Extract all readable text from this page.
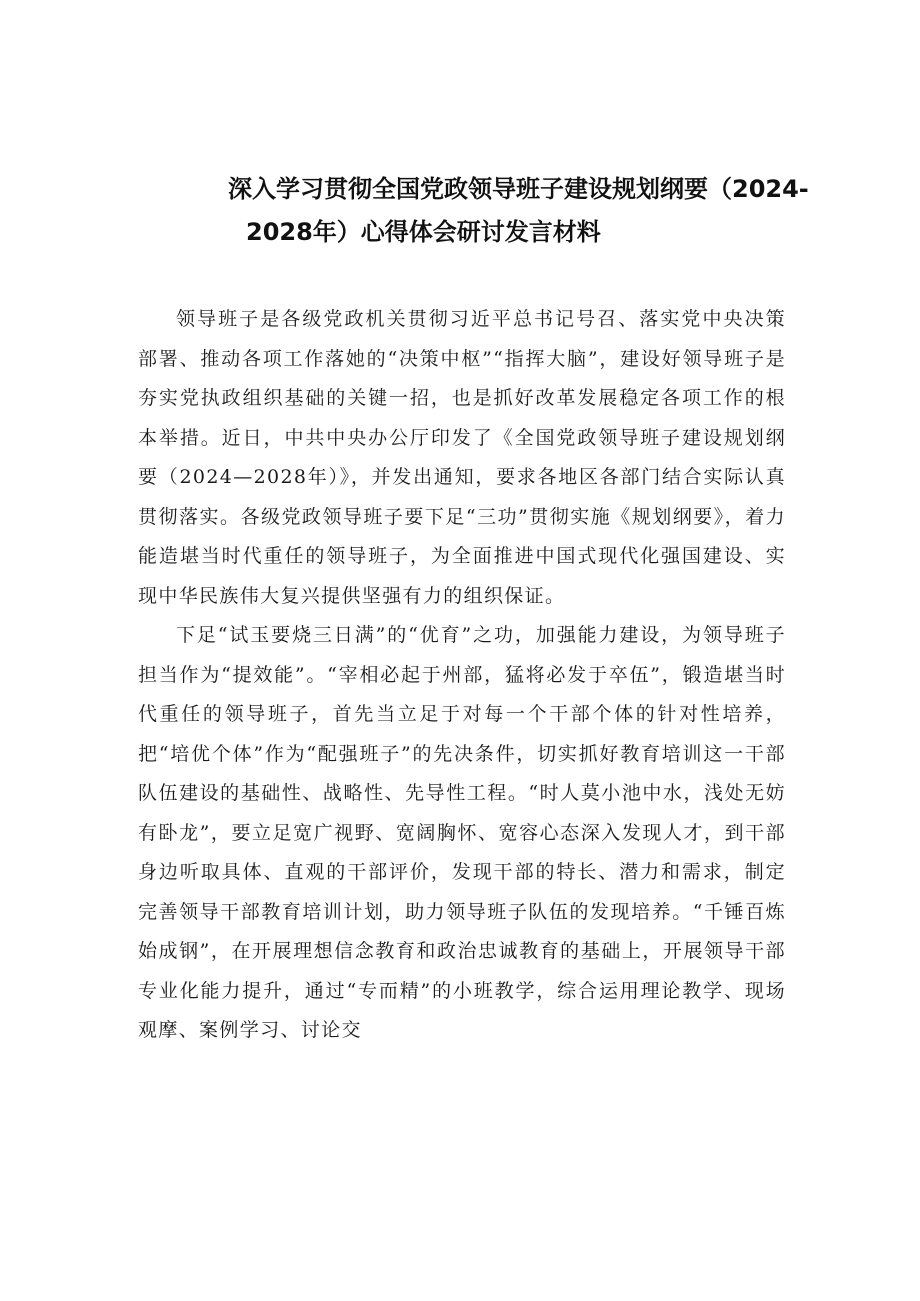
深入学习贯彻全国党政领导班子建设规划纲要（2024-
2028年）心得体会研讨发言材料

领导班子是各级党政机关贯彻习近平总书记号召、落实党中央决策部署、推动各项工作落她的“决策中枢”“指挥大脑”，建设好领导班子是夯实党执政组织基础的关键一招，也是抓好改革发展稳定各项工作的根本举措。近日，中共中央办公厅印发了《全国党政领导班子建设规划纲要（2024—2028年）》，并发出通知，要求各地区各部门结合实际认真贯彻落实。各级党政领导班子要下足“三功”贯彻实施《规划纲要》，着力能造堪当时代重任的领导班子，为全面推进中国式现代化强国建设、实现中华民族伟大复兴提供坚强有力的组织保证。

下足“试玉要烧三日满”的“优育”之功，加强能力建设，为领导班子担当作为“提效能”。“宰相必起于州部，猛将必发于卒伍”，锻造堪当时代重任的领导班子，首先当立足于对每一个干部个体的针对性培养，把“培优个体”作为“配强班子”的先决条件，切实抓好教育培训这一干部队伍建设的基础性、战略性、先导性工程。“时人莫小池中水，浅处无妨有卧龙”，要立足宽广视野、宽阔胸怀、宽容心态深入发现人才，到干部身边听取具体、直观的干部评价，发现干部的特长、潜力和需求，制定完善领导干部教育培训计划，助力领导班子队伍的发现培养。“千锤百炼始成钢”，在开展理想信念教育和政治忠诚教育的基础上，开展领导干部专业化能力提升，通过“专而精”的小班教学，综合运用理论教学、现场观摩、案例学习、讨论交
